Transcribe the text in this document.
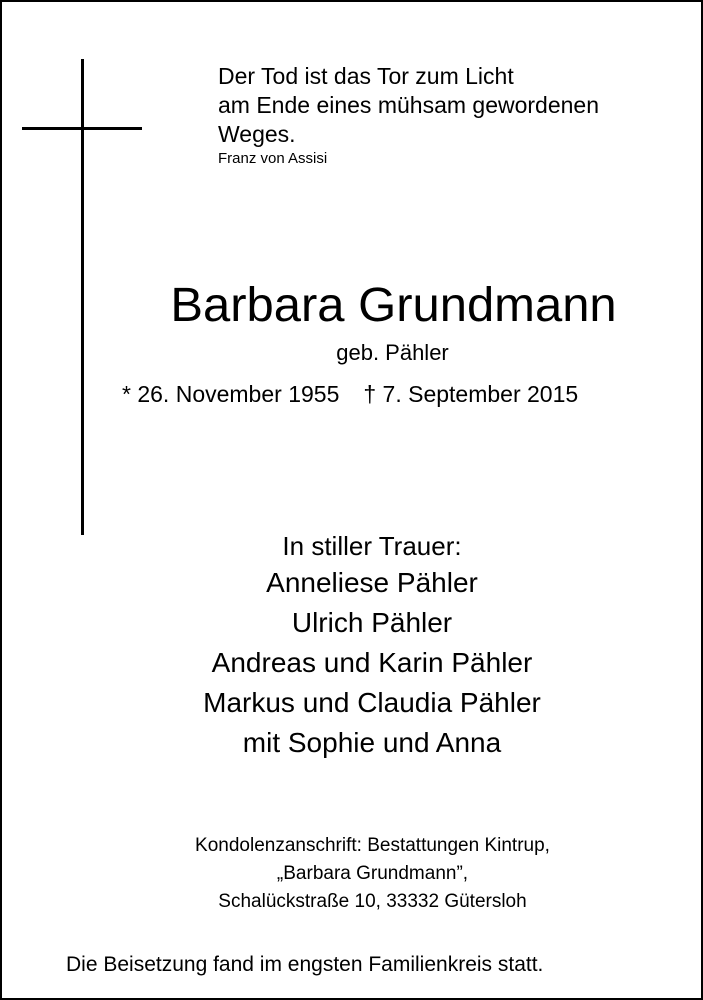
Der Tod ist das Tor zum Licht
am Ende eines mühsam gewordenen
Weges.
Franz von Assisi
Barbara Grundmann
geb. Pähler
* 26. November 1955 † 7. September 2015
In stiller Trauer:
Anneliese Pähler
Ulrich Pähler
Andreas und Karin Pähler
Markus und Claudia Pähler
mit Sophie und Anna
Kondolenzanschrift: Bestattungen Kintrup,
„Barbara Grundmann”,
Schalückstraße 10, 33332 Gütersloh
Die Beisetzung fand im engsten Familienkreis statt.
